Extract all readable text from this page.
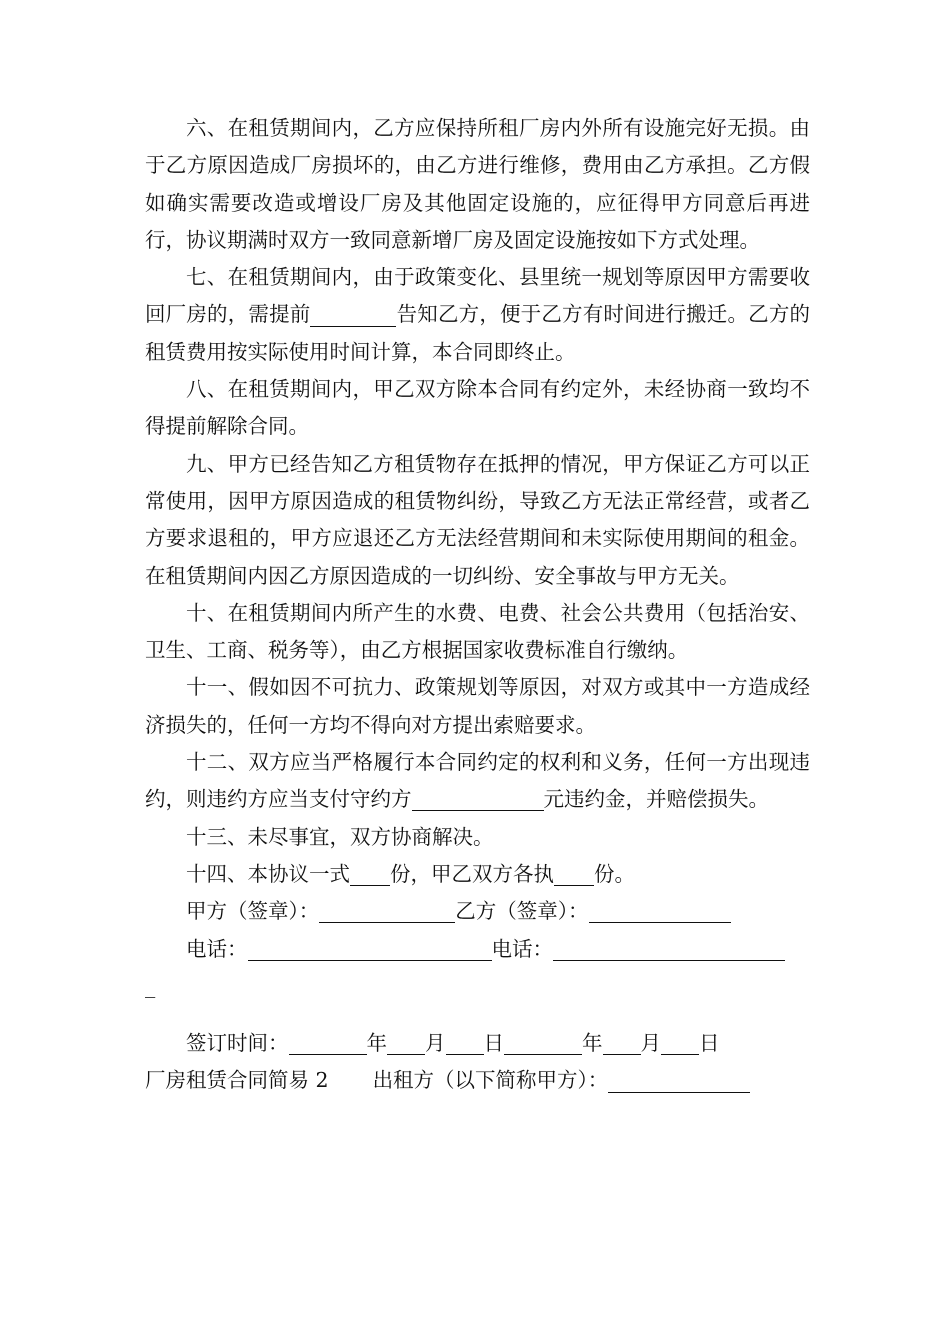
六、在租赁期间内，乙方应保持所租厂房内外所有设施完好无损。由于乙方原因造成厂房损坏的，由乙方进行维修，费用由乙方承担。乙方假如确实需要改造或增设厂房及其他固定设施的，应征得甲方同意后再进行，协议期满时双方一致同意新增厂房及固定设施按如下方式处理。

七、在租赁期间内，由于政策变化、县里统一规划等原因甲方需要收回厂房的，需提前	告知乙方，便于乙方有时间进行搬迁。乙方的租赁费用按实际使用时间计算，本合同即终止。

八、在租赁期间内，甲乙双方除本合同有约定外，未经协商一致均不得提前解除合同。

九、甲方已经告知乙方租赁物存在抵押的情况，甲方保证乙方可以正常使用，因甲方原因造成的租赁物纠纷，导致乙方无法正常经营，或者乙方要求退租的，甲方应退还乙方无法经营期间和未实际使用期间的租金。在租赁期间内因乙方原因造成的一切纠纷、安全事故与甲方无关。

十、在租赁期间内所产生的水费、电费、社会公共费用（包括治安、卫生、工商、税务等），由乙方根据国家收费标准自行缴纳。

十一、假如因不可抗力、政策规划等原因，对双方或其中一方造成经济损失的，任何一方均不得向对方提出索赔要求。

十二、双方应当严格履行本合同约定的权利和义务，任何一方出现违约，则违约方应当支付守约方	元违约金，并赔偿损失。

十三、未尽事宜，双方协商解决。

十四、本协议一式 份，甲乙双方各执 份。

甲方（签章）：	乙方（签章）：

电话：	电话：

_

签订时间：	年 月 日	年 月 日

厂房租赁合同简易 2 出租方（以下简称甲方）：
